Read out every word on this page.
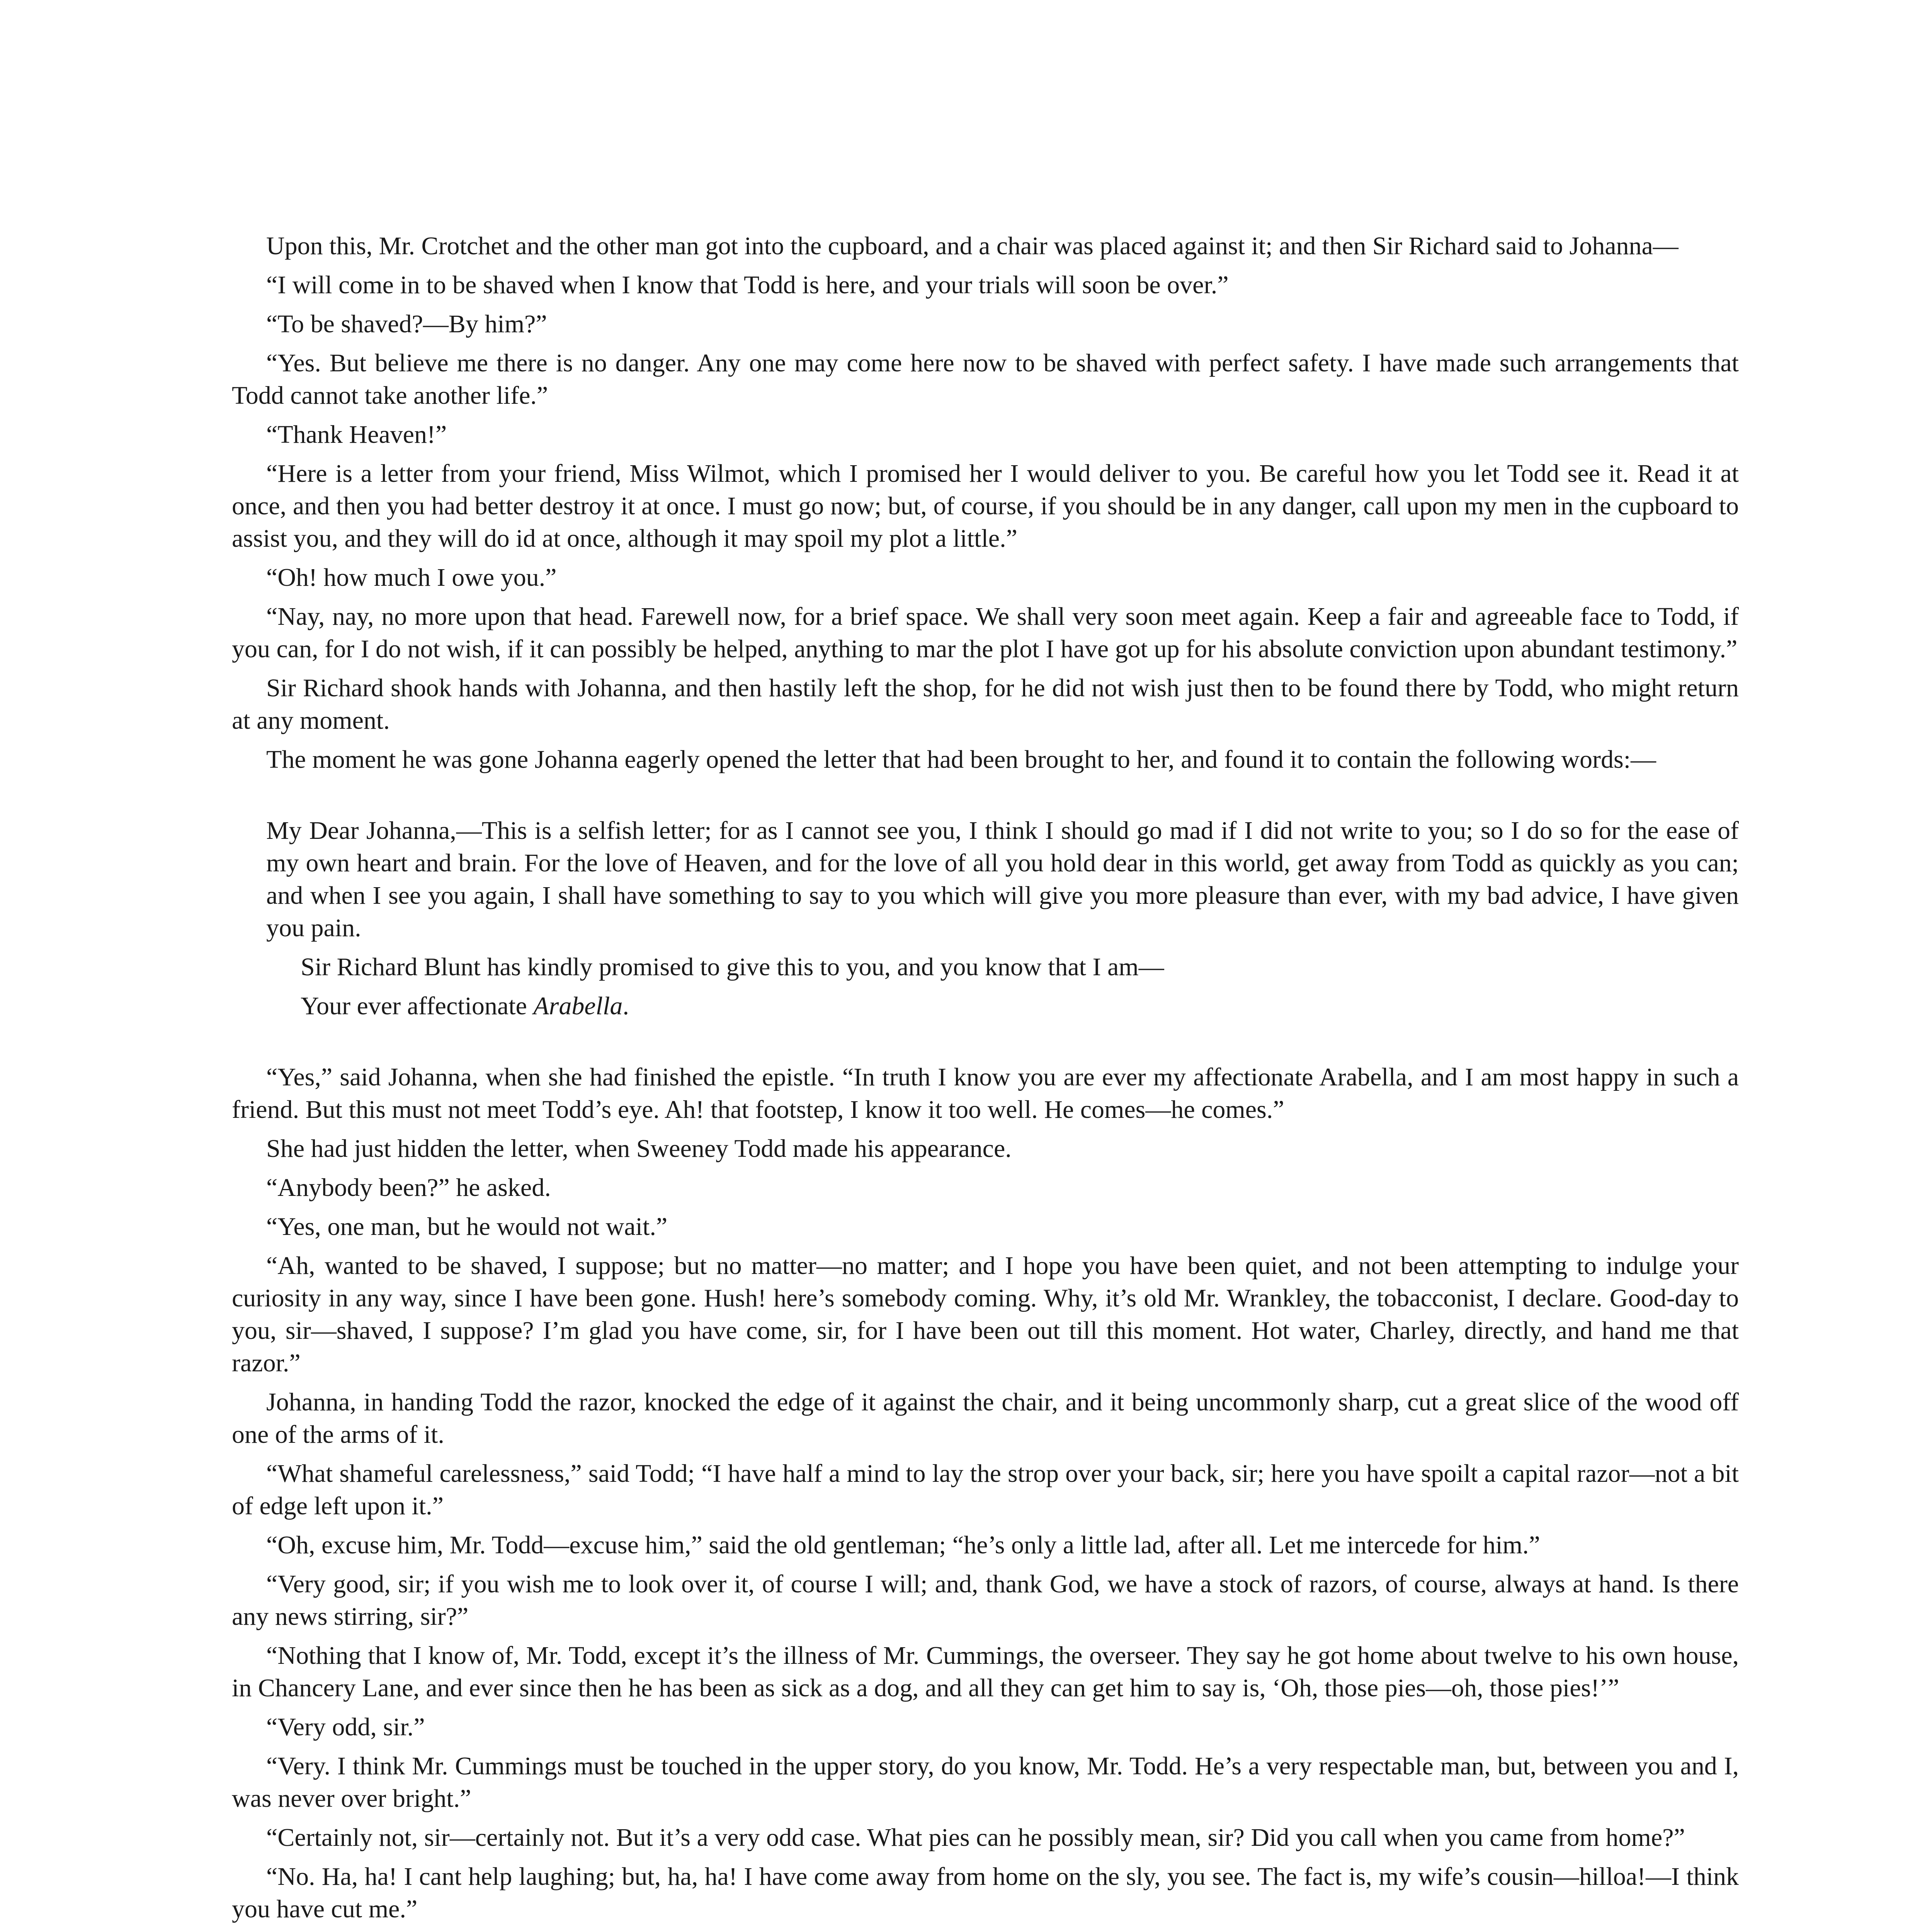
Upon this, Mr. Crotchet and the other man got into the cupboard, and a chair was placed against it; and then Sir Richard said to Johanna—

“I will come in to be shaved when I know that Todd is here, and your trials will soon be over.”

“To be shaved?—By him?”

“Yes. But believe me there is no danger. Any one may come here now to be shaved with perfect safety. I have made such arrangements that Todd cannot take another life.”

“Thank Heaven!”

“Here is a letter from your friend, Miss Wilmot, which I promised her I would deliver to you. Be careful how you let Todd see it. Read it at once, and then you had better destroy it at once. I must go now; but, of course, if you should be in any danger, call upon my men in the cupboard to assist you, and they will do id at once, although it may spoil my plot a little.”

“Oh! how much I owe you.”

“Nay, nay, no more upon that head. Farewell now, for a brief space. We shall very soon meet again. Keep a fair and agreeable face to Todd, if you can, for I do not wish, if it can possibly be helped, anything to mar the plot I have got up for his absolute conviction upon abundant testimony.”

Sir Richard shook hands with Johanna, and then hastily left the shop, for he did not wish just then to be found there by Todd, who might return at any moment.

The moment he was gone Johanna eagerly opened the letter that had been brought to her, and found it to contain the following words:—

My Dear Johanna,—This is a selfish letter; for as I cannot see you, I think I should go mad if I did not write to you; so I do so for the ease of my own heart and brain. For the love of Heaven, and for the love of all you hold dear in this world, get away from Todd as quickly as you can; and when I see you again, I shall have something to say to you which will give you more pleasure than ever, with my bad advice, I have given you pain.

Sir Richard Blunt has kindly promised to give this to you, and you know that I am—

Your ever affectionate Arabella.

“Yes,” said Johanna, when she had finished the epistle. “In truth I know you are ever my affectionate Arabella, and I am most happy in such a friend. But this must not meet Todd’s eye. Ah! that footstep, I know it too well. He comes—he comes.”

She had just hidden the letter, when Sweeney Todd made his appearance.

“Anybody been?” he asked.

“Yes, one man, but he would not wait.”

“Ah, wanted to be shaved, I suppose; but no matter—no matter; and I hope you have been quiet, and not been attempting to indulge your curiosity in any way, since I have been gone. Hush! here’s somebody coming. Why, it’s old Mr. Wrankley, the tobacconist, I declare. Good-day to you, sir—shaved, I suppose? I’m glad you have come, sir, for I have been out till this moment. Hot water, Charley, directly, and hand me that razor.”

Johanna, in handing Todd the razor, knocked the edge of it against the chair, and it being uncommonly sharp, cut a great slice of the wood off one of the arms of it.

“What shameful carelessness,” said Todd; “I have half a mind to lay the strop over your back, sir; here you have spoilt a capital razor—not a bit of edge left upon it.”

“Oh, excuse him, Mr. Todd—excuse him,” said the old gentleman; “he’s only a little lad, after all. Let me intercede for him.”

“Very good, sir; if you wish me to look over it, of course I will; and, thank God, we have a stock of razors, of course, always at hand. Is there any news stirring, sir?”

“Nothing that I know of, Mr. Todd, except it’s the illness of Mr. Cummings, the overseer. They say he got home about twelve to his own house, in Chancery Lane, and ever since then he has been as sick as a dog, and all they can get him to say is, ‘Oh, those pies—oh, those pies!’”

“Very odd, sir.”

“Very. I think Mr. Cummings must be touched in the upper story, do you know, Mr. Todd. He’s a very respectable man, but, between you and I, was never over bright.”

“Certainly not, sir—certainly not. But it’s a very odd case. What pies can he possibly mean, sir? Did you call when you came from home?”

“No. Ha, ha! I cant help laughing; but, ha, ha! I have come away from home on the sly, you see. The fact is, my wife’s cousin—hilloa!—I think you have cut me.”
